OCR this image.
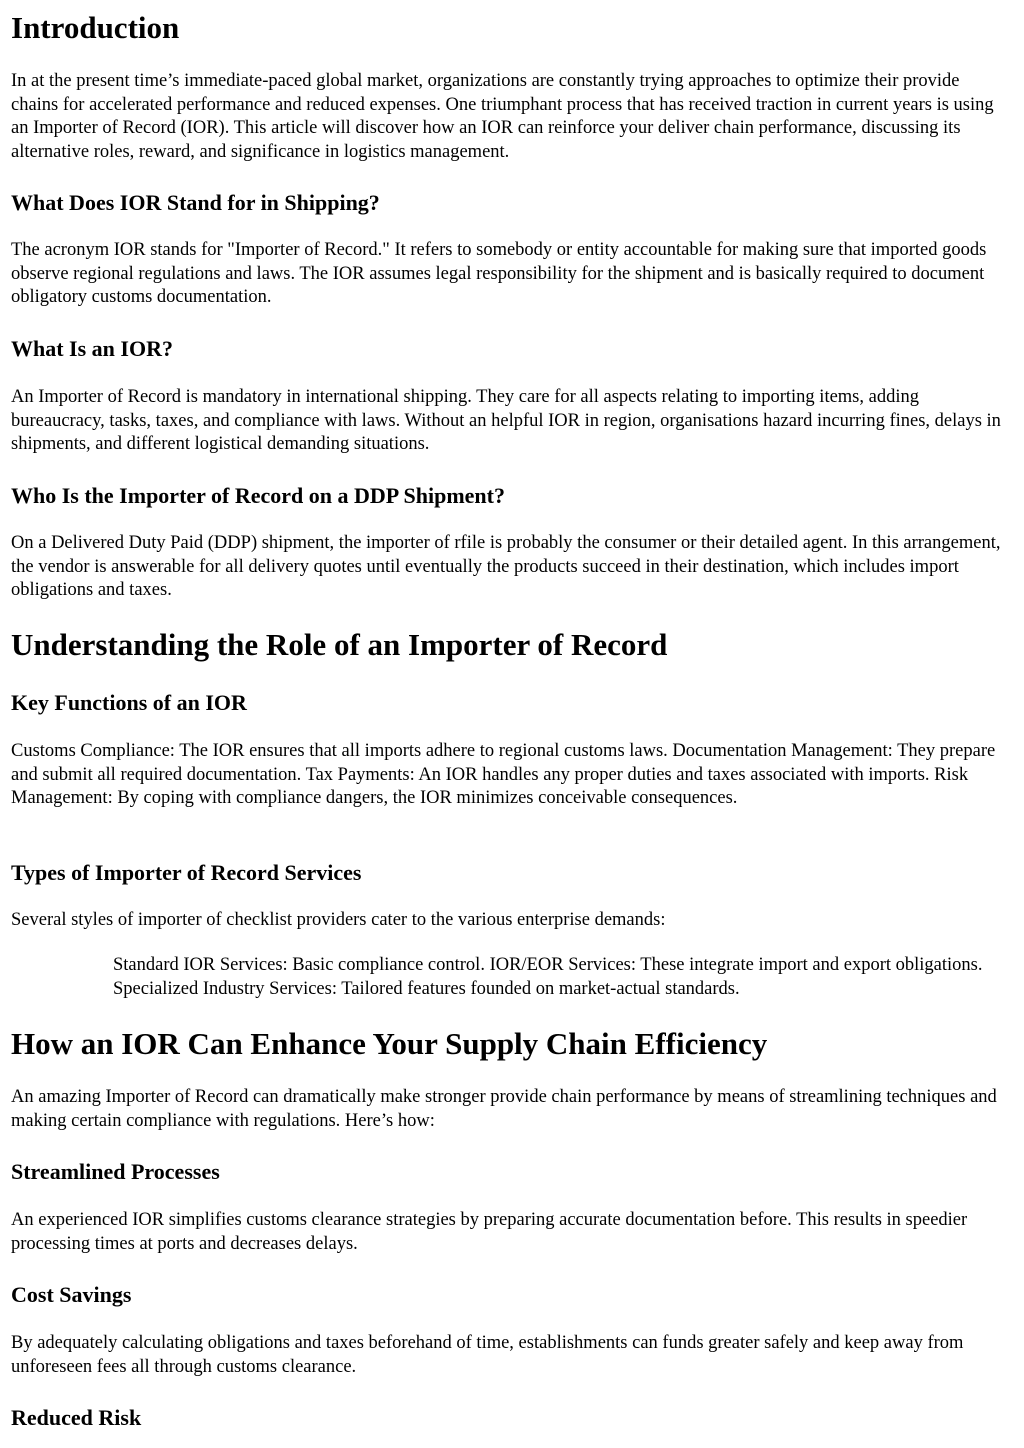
Introduction

In at the present time’s immediate-paced global market, organizations are constantly trying approaches to optimize their provide chains for accelerated performance and reduced expenses. One triumphant process that has received traction in current years is using an Importer of Record (IOR). This article will discover how an IOR can reinforce your deliver chain performance, discussing its alternative roles, reward, and significance in logistics management.

What Does IOR Stand for in Shipping?

The acronym IOR stands for "Importer of Record." It refers to somebody or entity accountable for making sure that imported goods observe regional regulations and laws. The IOR assumes legal responsibility for the shipment and is basically required to document obligatory customs documentation.

What Is an IOR?

An Importer of Record is mandatory in international shipping. They care for all aspects relating to importing items, adding bureaucracy, tasks, taxes, and compliance with laws. Without an helpful IOR in region, organisations hazard incurring fines, delays in shipments, and different logistical demanding situations.

Who Is the Importer of Record on a DDP Shipment?

On a Delivered Duty Paid (DDP) shipment, the importer of rfile is probably the consumer or their detailed agent. In this arrangement, the vendor is answerable for all delivery quotes until eventually the products succeed in their destination, which includes import obligations and taxes.

Understanding the Role of an Importer of Record
Key Functions of an IOR

Customs Compliance: The IOR ensures that all imports adhere to regional customs laws. Documentation Management: They prepare and submit all required documentation. Tax Payments: An IOR handles any proper duties and taxes associated with imports. Risk Management: By coping with compliance dangers, the IOR minimizes conceivable consequences.

Types of Importer of Record Services

Several styles of importer of checklist providers cater to the various enterprise demands:

Standard IOR Services: Basic compliance control. IOR/EOR Services: These integrate import and export obligations. Specialized Industry Services: Tailored features founded on market-actual standards.
How an IOR Can Enhance Your Supply Chain Efficiency

An amazing Importer of Record can dramatically make stronger provide chain performance by means of streamlining techniques and making certain compliance with regulations. Here’s how:

Streamlined Processes

An experienced IOR simplifies customs clearance strategies by preparing accurate documentation before. This results in speedier processing times at ports and decreases delays.

Cost Savings

By adequately calculating obligations and taxes beforehand of time, establishments can funds greater safely and keep away from unforeseen fees all through customs clearance.

Reduced Risk
